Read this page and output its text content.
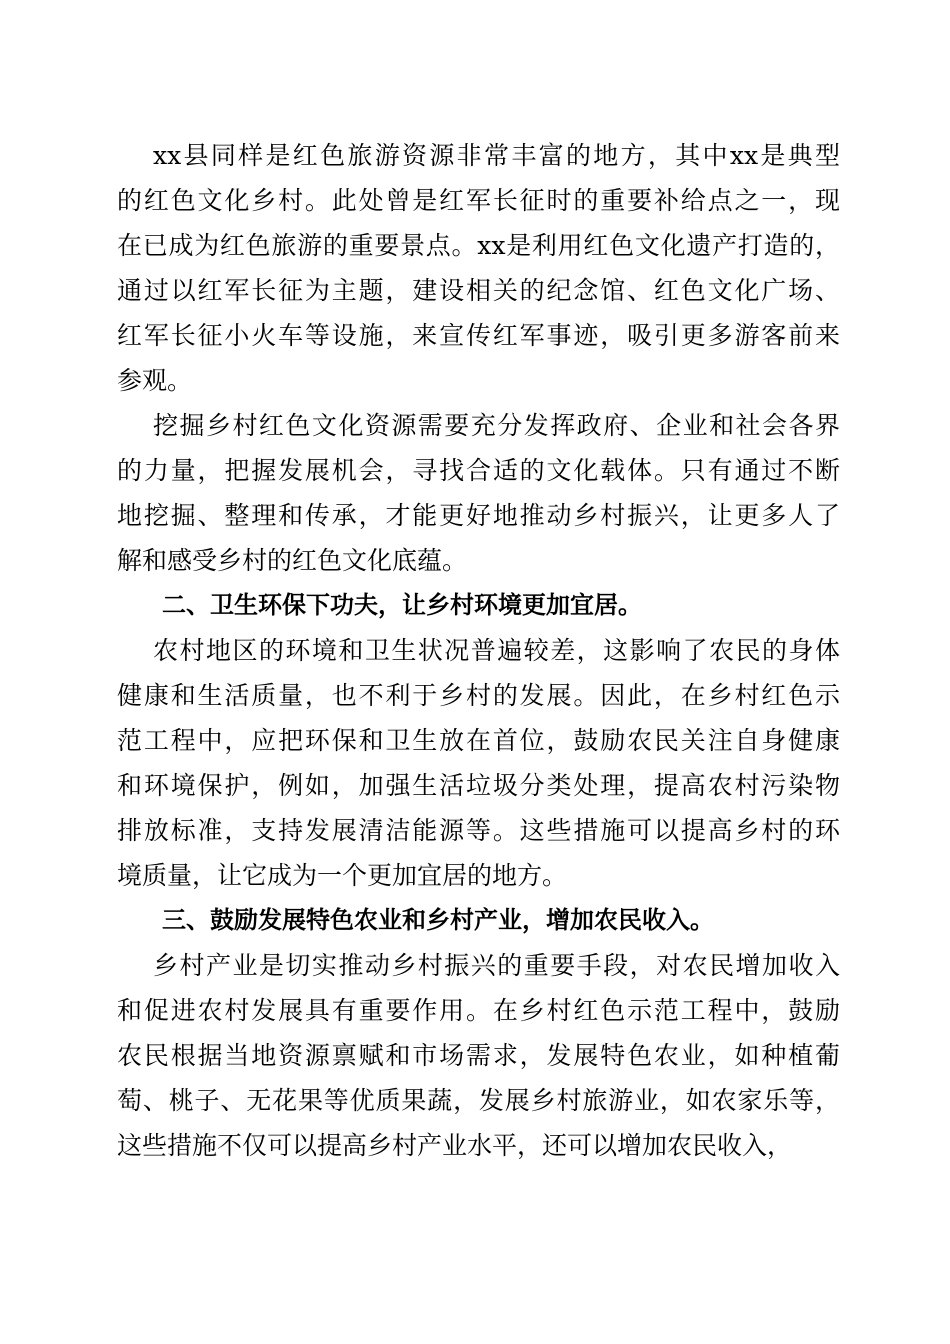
xx县同样是红色旅游资源非常丰富的地方，其中xx是典型
的红色文化乡村。此处曾是红军长征时的重要补给点之一，现
在已成为红色旅游的重要景点。xx是利用红色文化遗产打造的，
通过以红军长征为主题，建设相关的纪念馆、红色文化广场、
红军长征小火车等设施，来宣传红军事迹，吸引更多游客前来
参观。
挖掘乡村红色文化资源需要充分发挥政府、企业和社会各界
的力量，把握发展机会，寻找合适的文化载体。只有通过不断
地挖掘、整理和传承，才能更好地推动乡村振兴，让更多人了
解和感受乡村的红色文化底蕴。
二、卫生环保下功夫，让乡村环境更加宜居。
农村地区的环境和卫生状况普遍较差，这影响了农民的身体
健康和生活质量，也不利于乡村的发展。因此，在乡村红色示
范工程中，应把环保和卫生放在首位，鼓励农民关注自身健康
和环境保护，例如，加强生活垃圾分类处理，提高农村污染物
排放标准，支持发展清洁能源等。这些措施可以提高乡村的环
境质量，让它成为一个更加宜居的地方。
三、鼓励发展特色农业和乡村产业，增加农民收入。
乡村产业是切实推动乡村振兴的重要手段，对农民增加收入
和促进农村发展具有重要作用。在乡村红色示范工程中，鼓励
农民根据当地资源禀赋和市场需求，发展特色农业，如种植葡
萄、桃子、无花果等优质果蔬，发展乡村旅游业，如农家乐等，
这些措施不仅可以提高乡村产业水平，还可以增加农民收入，
